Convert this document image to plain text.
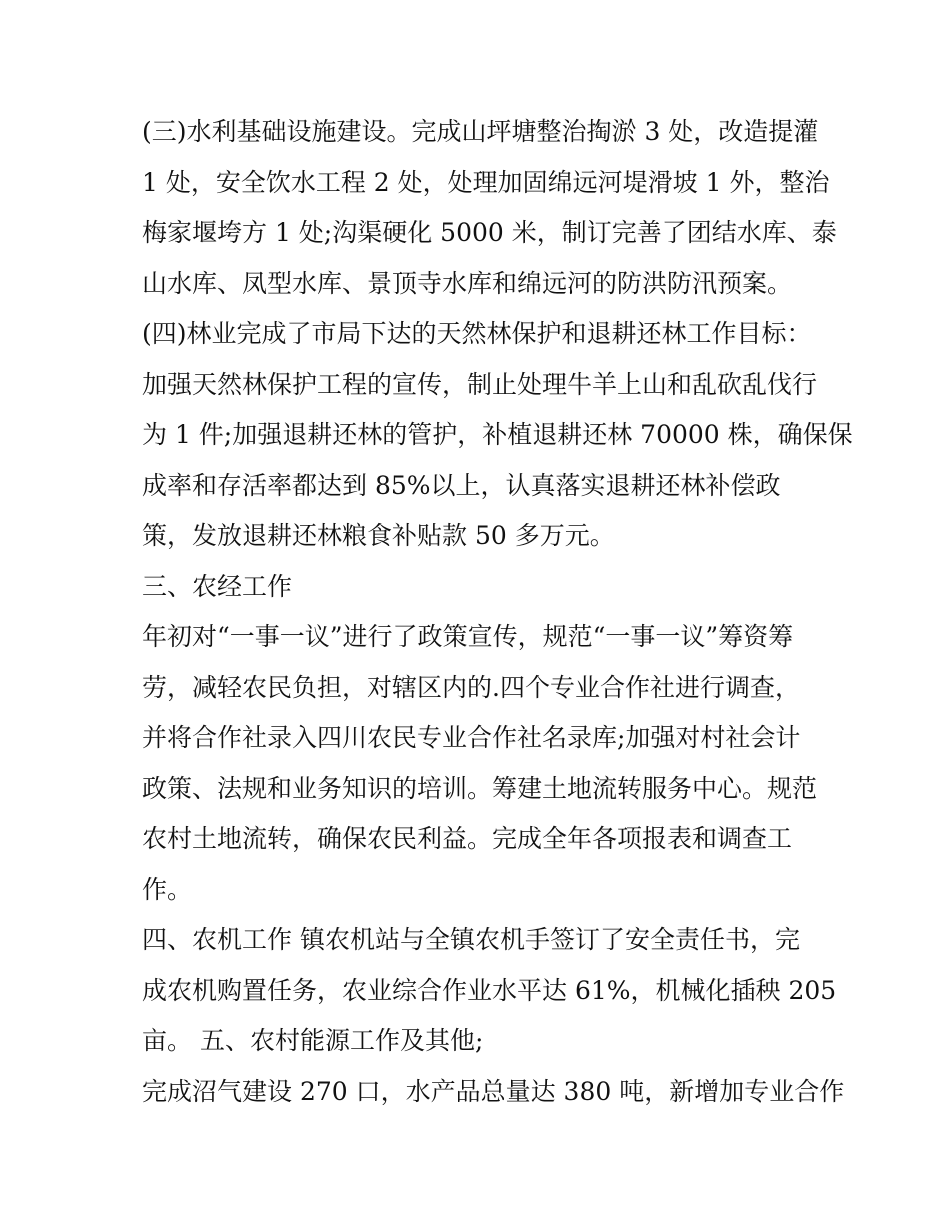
(三)水利基础设施建设。完成山坪塘整治掏淤 3 处，改造提灌
1 处，安全饮水工程 2 处，处理加固绵远河堤滑坡 1 外，整治
梅家堰垮方 1 处;沟渠硬化 5000 米，制订完善了团结水库、泰
山水库、凤型水库、景顶寺水库和绵远河的防洪防汛预案。
(四)林业完成了市局下达的天然林保护和退耕还林工作目标：
加强天然林保护工程的宣传，制止处理牛羊上山和乱砍乱伐行
为 1 件;加强退耕还林的管护，补植退耕还林 70000 株，确保保
成率和存活率都达到 85%以上，认真落实退耕还林补偿政
策，发放退耕还林粮食补贴款 50 多万元。
三、农经工作
年初对“一事一议”进行了政策宣传，规范“一事一议”筹资筹
劳，减轻农民负担，对辖区内的.四个专业合作社进行调查，
并将合作社录入四川农民专业合作社名录库;加强对村社会计
政策、法规和业务知识的培训。筹建土地流转服务中心。规范
农村土地流转，确保农民利益。完成全年各项报表和调查工
作。
四、农机工作 镇农机站与全镇农机手签订了安全责任书，完
成农机购置任务，农业综合作业水平达 61%，机械化插秧 205
亩。 五、农村能源工作及其他;
完成沼气建设 270 口，水产品总量达 380 吨，新增加专业合作
